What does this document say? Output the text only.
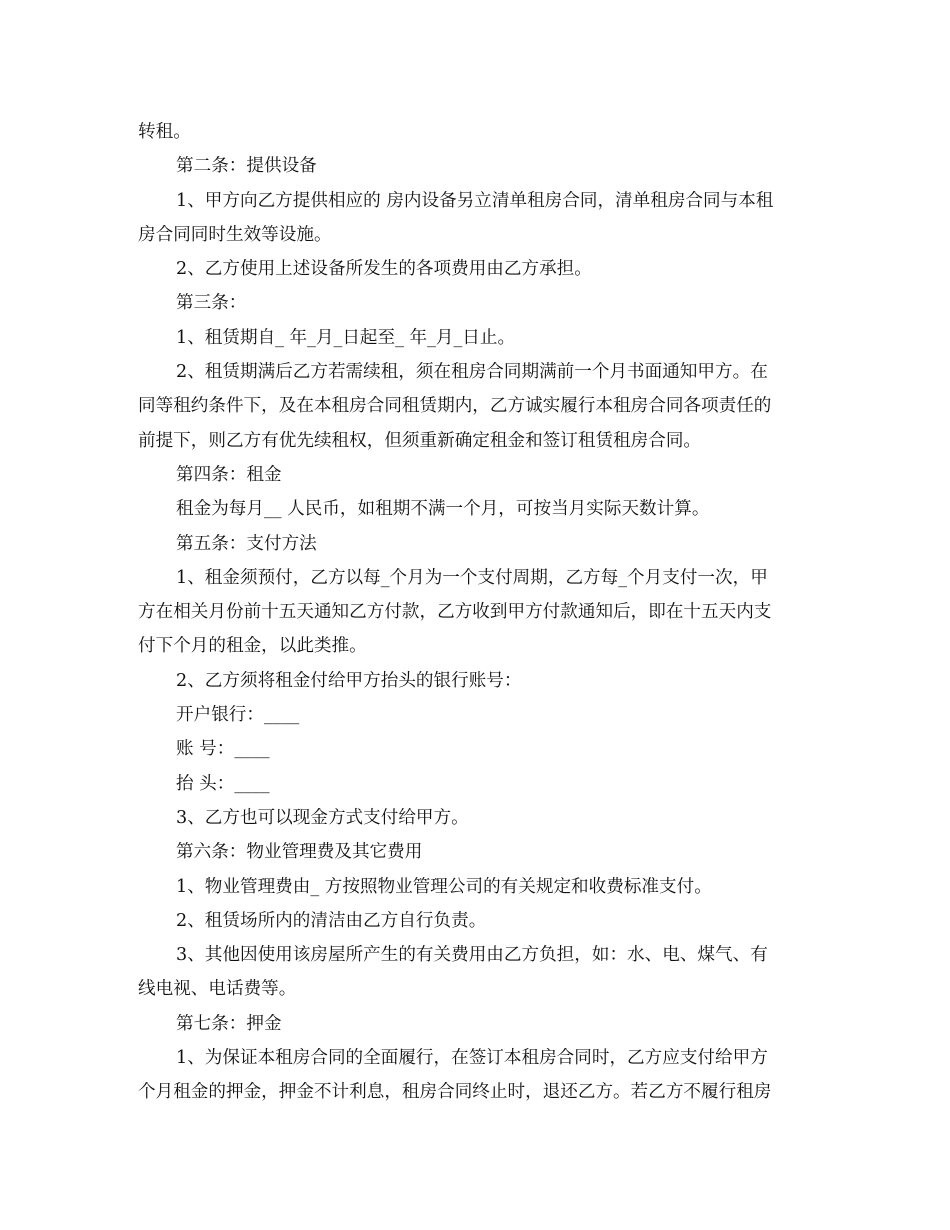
转租。

第二条：提供设备

1、甲方向乙方提供相应的 房内设备另立清单租房合同，清单租房合同与本租

房合同同时生效等设施。

2、乙方使用上述设备所发生的各项费用由乙方承担。

第三条：

1、租赁期自_ 年_月_日起至_ 年_月_日止。

2、租赁期满后乙方若需续租，须在租房合同期满前一个月书面通知甲方。在

同等租约条件下，及在本租房合同租赁期内，乙方诚实履行本租房合同各项责任的

前提下，则乙方有优先续租权，但须重新确定租金和签订租赁租房合同。

第四条：租金

租金为每月__ 人民币，如租期不满一个月，可按当月实际天数计算。

第五条：支付方法

1、租金须预付，乙方以每_个月为一个支付周期，乙方每_个月支付一次，甲

方在相关月份前十五天通知乙方付款，乙方收到甲方付款通知后，即在十五天内支

付下个月的租金，以此类推。

2、乙方须将租金付给甲方抬头的银行账号：

开户银行：____

账 号：____

抬 头：____

3、乙方也可以现金方式支付给甲方。

第六条：物业管理费及其它费用

1、物业管理费由_ 方按照物业管理公司的有关规定和收费标准支付。

2、租赁场所内的清洁由乙方自行负责。

3、其他因使用该房屋所产生的有关费用由乙方负担，如：水、电、煤气、有

线电视、电话费等。

第七条：押金

1、为保证本租房合同的全面履行，在签订本租房合同时，乙方应支付给甲方

个月租金的押金，押金不计利息，租房合同终止时，退还乙方。若乙方不履行租房
